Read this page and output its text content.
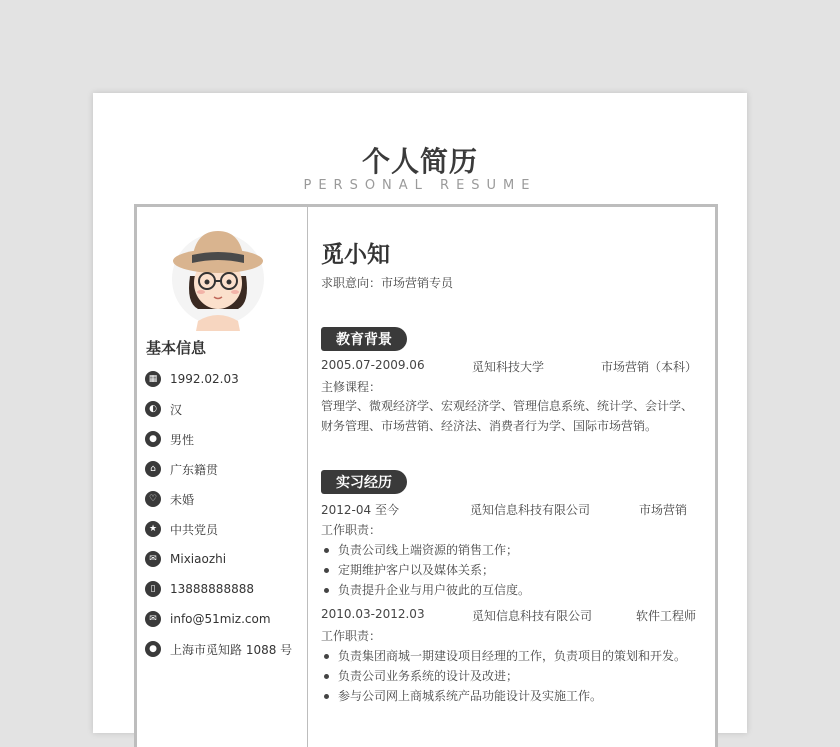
个人简历
PERSONAL RESUME
基本信息
▦ 1992.02.03
◐ 汉
● 男性
⌂ 广东籍贯
♡ 未婚
★ 中共党员
✉ Mixiaozhi
▯ 13888888888
✉ info@51miz.com
● 上海市觅知路 1088 号
觅小知
求职意向：市场营销专员
教育背景
2005.07-2009.06	觅知科技大学	市场营销（本科）
主修课程：
管理学、微观经济学、宏观经济学、管理信息系统、统计学、会计学、财务管理、市场营销、经济法、消费者行为学、国际市场营销。
实习经历
2012-04 至今	觅知信息科技有限公司	市场营销
工作职责：
负责公司线上端资源的销售工作；
定期维护客户以及媒体关系；
负责提升企业与用户彼此的互信度。
2010.03-2012.03	觅知信息科技有限公司	软件工程师
工作职责：
负责集团商城一期建设项目经理的工作，负责项目的策划和开发。
负责公司业务系统的设计及改进；
参与公司网上商城系统产品功能设计及实施工作。
